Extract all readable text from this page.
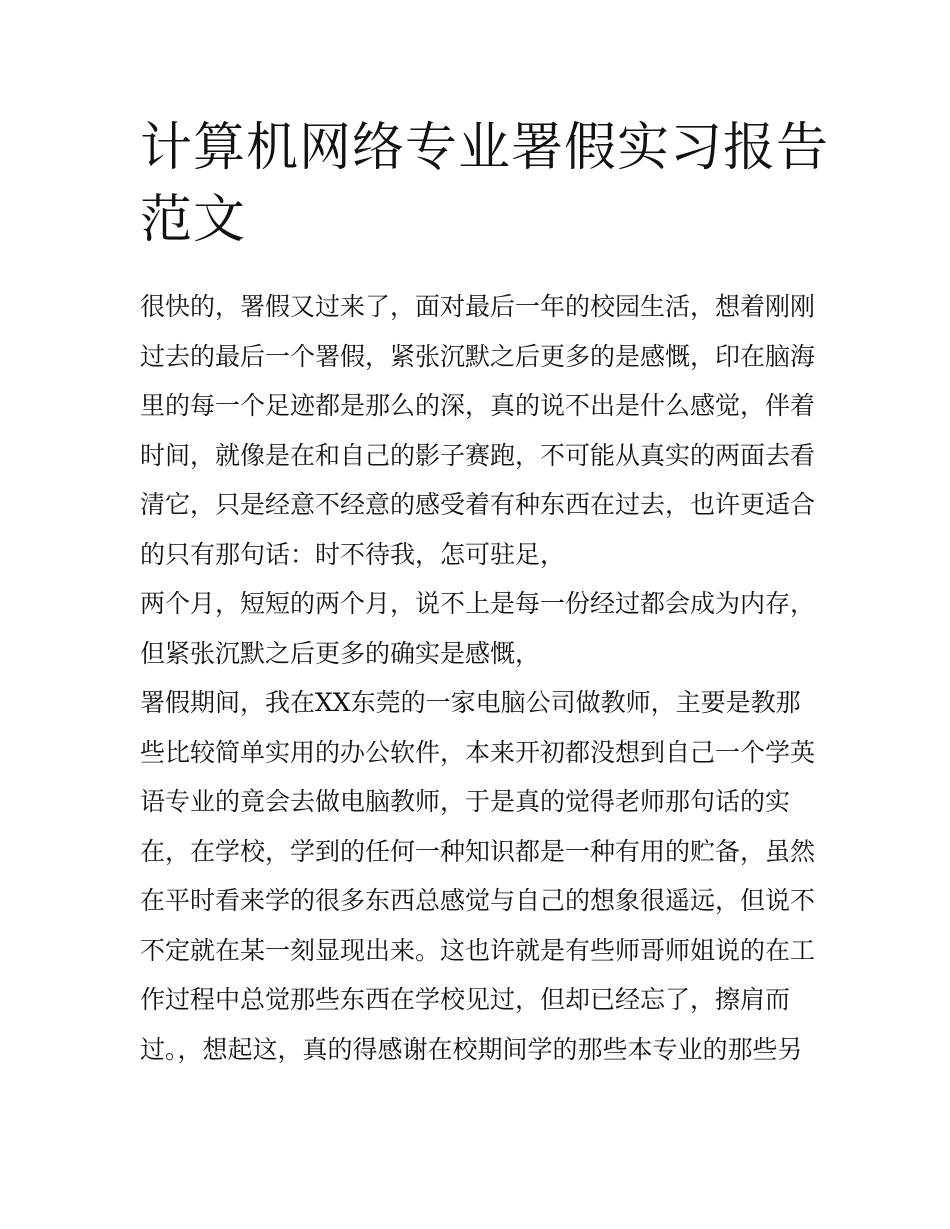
计算机网络专业署假实习报告
范文
很快的，署假又过来了，面对最后一年的校园生活，想着刚刚
过去的最后一个署假，紧张沉默之后更多的是感慨，印在脑海
里的每一个足迹都是那么的深，真的说不出是什么感觉，伴着
时间，就像是在和自己的影子赛跑，不可能从真实的两面去看
清它，只是经意不经意的感受着有种东西在过去，也许更适合
的只有那句话：时不待我，怎可驻足，
两个月，短短的两个月，说不上是每一份经过都会成为内存，
但紧张沉默之后更多的确实是感慨，
署假期间，我在XX东莞的一家电脑公司做教师，主要是教那
些比较简单实用的办公软件，本来开初都没想到自己一个学英
语专业的竟会去做电脑教师，于是真的觉得老师那句话的实
在，在学校，学到的任何一种知识都是一种有用的贮备，虽然
在平时看来学的很多东西总感觉与自己的想象很遥远，但说不
不定就在某一刻显现出来。这也许就是有些师哥师姐说的在工
作过程中总觉那些东西在学校见过，但却已经忘了，擦肩而
过。，想起这，真的得感谢在校期间学的那些本专业的那些另
